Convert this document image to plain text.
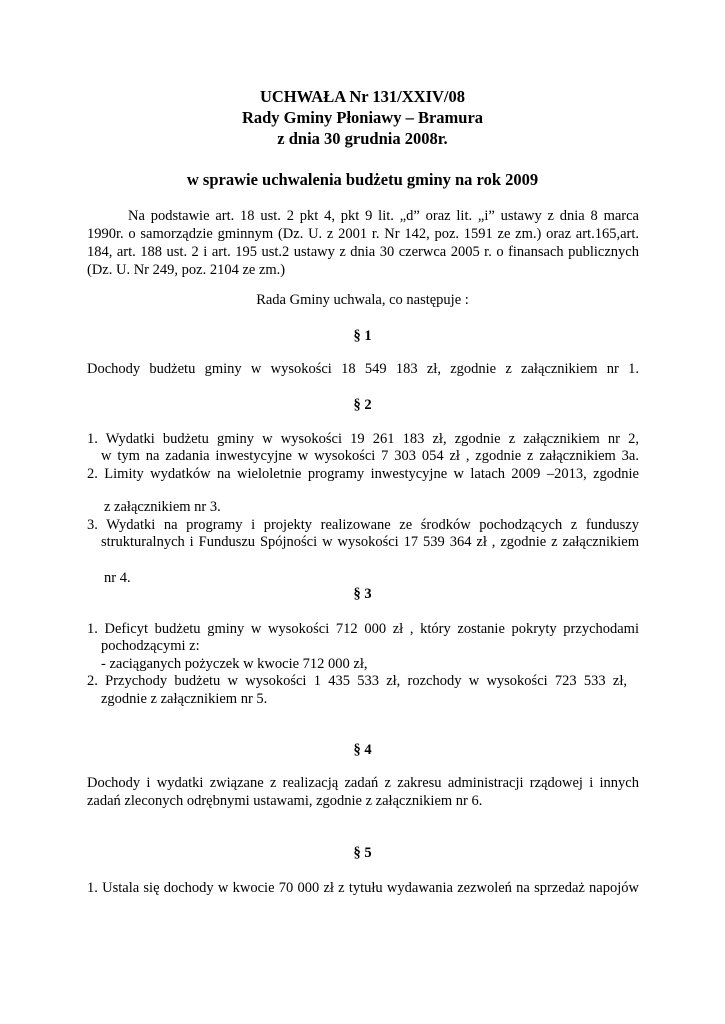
UCHWAŁA Nr 131/XXIV/08
Rady Gminy Płoniawy – Bramura
z dnia 30 grudnia 2008r.
w sprawie uchwalenia budżetu gminy na rok 2009
Na podstawie art. 18 ust. 2 pkt 4, pkt 9 lit. „d” oraz lit. „i” ustawy z dnia 8 marca
1990r. o samorządzie gminnym (Dz. U. z 2001 r. Nr 142, poz. 1591 ze zm.) oraz art.165,art.
184, art. 188 ust. 2 i art. 195 ust.2 ustawy z dnia 30 czerwca 2005 r. o finansach publicznych
(Dz. U. Nr 249, poz. 2104 ze zm.)
Rada Gminy uchwala, co następuje :
§ 1
Dochody budżetu gminy w wysokości 18 549 183 zł, zgodnie z załącznikiem nr 1.
§ 2
1. Wydatki budżetu gminy w wysokości 19 261 183 zł, zgodnie z załącznikiem nr 2,
w tym na zadania inwestycyjne w wysokości 7 303 054 zł , zgodnie z załącznikiem 3a.
2. Limity wydatków na wieloletnie programy inwestycyjne w latach 2009 –2013, zgodnie
z załącznikiem nr 3.
3. Wydatki na programy i projekty realizowane ze środków pochodzących z funduszy
strukturalnych i Funduszu Spójności w wysokości 17 539 364 zł , zgodnie z załącznikiem
nr 4.
§ 3
1. Deficyt budżetu gminy w wysokości 712 000 zł , który zostanie pokryty przychodami
pochodzącymi z:
- zaciąganych pożyczek w kwocie 712 000 zł,
2. Przychody budżetu w wysokości 1 435 533 zł, rozchody w wysokości 723 533 zł,
zgodnie z załącznikiem nr 5.
§ 4
Dochody i wydatki związane z realizacją zadań z zakresu administracji rządowej i innych
zadań zleconych odrębnymi ustawami, zgodnie z załącznikiem nr 6.
§ 5
1. Ustala się dochody w kwocie 70 000 zł z tytułu wydawania zezwoleń na sprzedaż napojów
